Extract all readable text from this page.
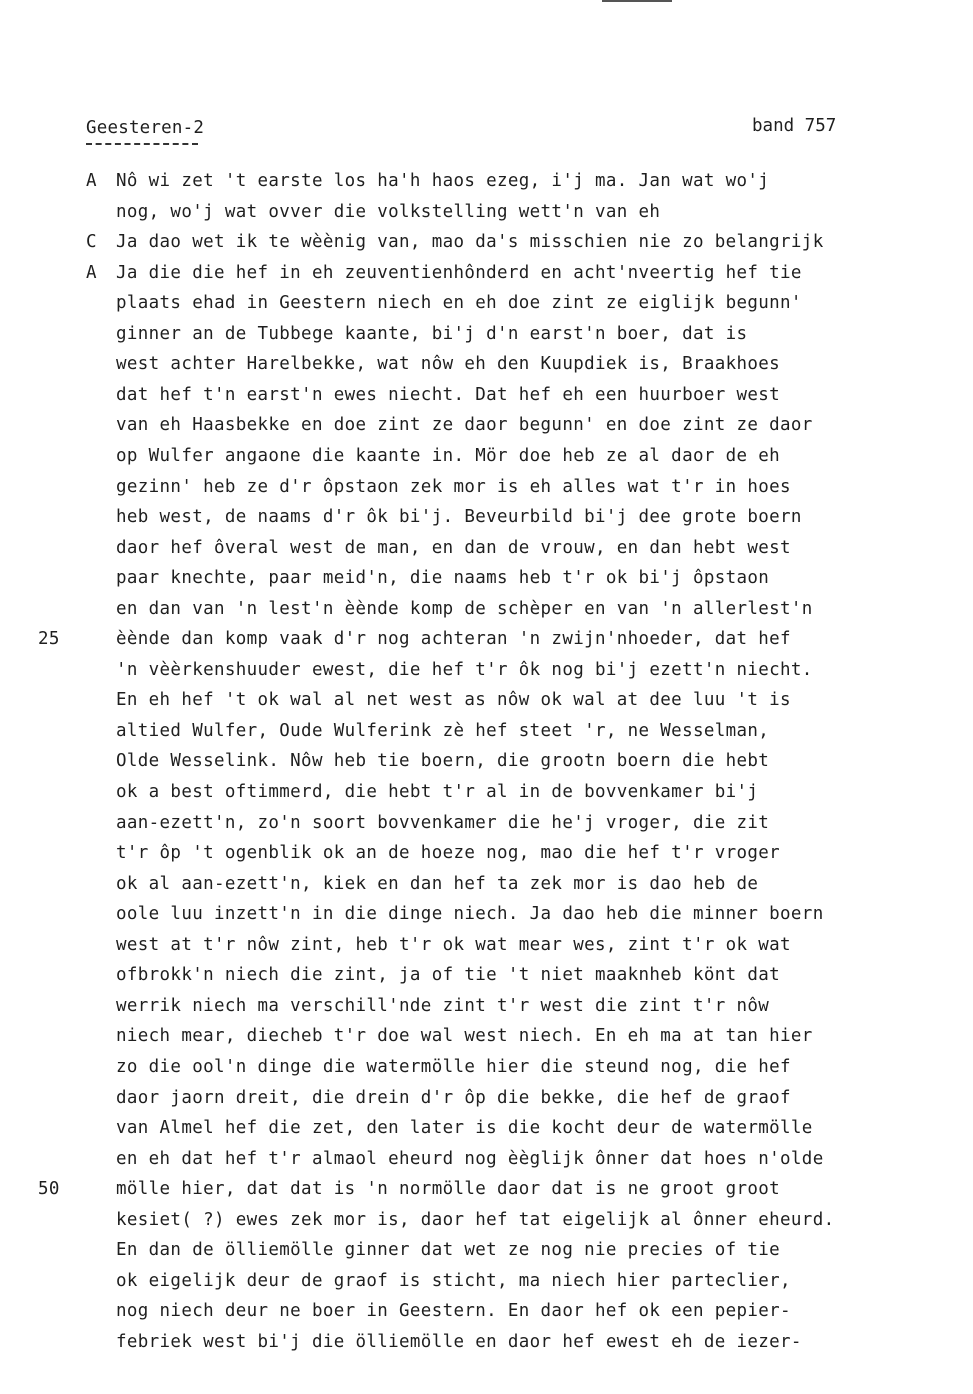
Geesteren-2	band 757
A Nô wi zet 't earste los ha'h haos ezeg, i'j ma. Jan wat wo'j
nog, wo'j wat ovver die volkstelling wett'n van eh
C Ja dao wet ik te wèènig van, mao da's misschien nie zo belangrijk
A Ja die die hef in eh zeuventienhônderd en acht'nveertig hef tie
plaats ehad in Geestern niech en eh doe zint ze eiglijk begunn'
ginner an de Tubbege kaante, bi'j d'n earst'n boer, dat is
west achter Harelbekke, wat nôw eh den Kuupdiek is, Braakhoes
dat hef t'n earst'n ewes niecht. Dat hef eh een huurboer west
van eh Haasbekke en doe zint ze daor begunn' en doe zint ze daor
op Wulfer angaone die kaante in. Mör doe heb ze al daor de eh
gezinn' heb ze d'r ôpstaon zek mor is eh alles wat t'r in hoes
heb west, de naams d'r ôk bi'j. Beveurbild bi'j dee grote boern
daor hef ôveral west de man, en dan de vrouw, en dan hebt west
paar knechte, paar meid'n, die naams heb t'r ok bi'j ôpstaon
en dan van 'n lest'n èènde komp de schèper en van 'n allerlest'n
25	èènde dan komp vaak d'r nog achteran 'n zwijn'nhoeder, dat hef
'n vèèrkenshuuder ewest, die hef t'r ôk nog bi'j ezett'n niecht.
En eh hef 't ok wal al net west as nôw ok wal at dee luu 't is
altied Wulfer, Oude Wulferink zè hef steet 'r, ne Wesselman,
Olde Wesselink. Nôw heb tie boern, die grootn boern die hebt
ok a best oftimmerd, die hebt t'r al in de bovvenkamer bi'j
aan-ezett'n, zo'n soort bovvenkamer die he'j vroger, die zit
t'r ôp 't ogenblik ok an de hoeze nog, mao die hef t'r vroger
ok al aan-ezett'n, kiek en dan hef ta zek mor is dao heb de
oole luu inzett'n in die dinge niech. Ja dao heb die minner boern
west at t'r nôw zint, heb t'r ok wat mear wes, zint t'r ok wat
ofbrokk'n niech die zint, ja of tie 't niet maaknheb könt dat
werrik niech ma verschill'nde zint t'r west die zint t'r nôw
niech mear, diecheb t'r doe wal west niech. En eh ma at tan hier
zo die ool'n dinge die watermölle hier die steund nog, die hef
daor jaorn dreit, die drein d'r ôp die bekke, die hef de graof
van Almel hef die zet, den later is die kocht deur de watermölle
en eh dat hef t'r almaol eheurd nog èèglijk ônner dat hoes n'olde
50	mölle hier, dat dat is 'n normölle daor dat is ne groot groot
kesiet( ?) ewes zek mor is, daor hef tat eigelijk al ônner eheurd.
En dan de ölliemölle ginner dat wet ze nog nie precies of tie
ok eigelijk deur de graof is sticht, ma niech hier parteclier,
nog niech deur ne boer in Geestern. En daor hef ok een pepier-
febriek west bi'j die ölliemölle en daor hef ewest eh de iezer-
